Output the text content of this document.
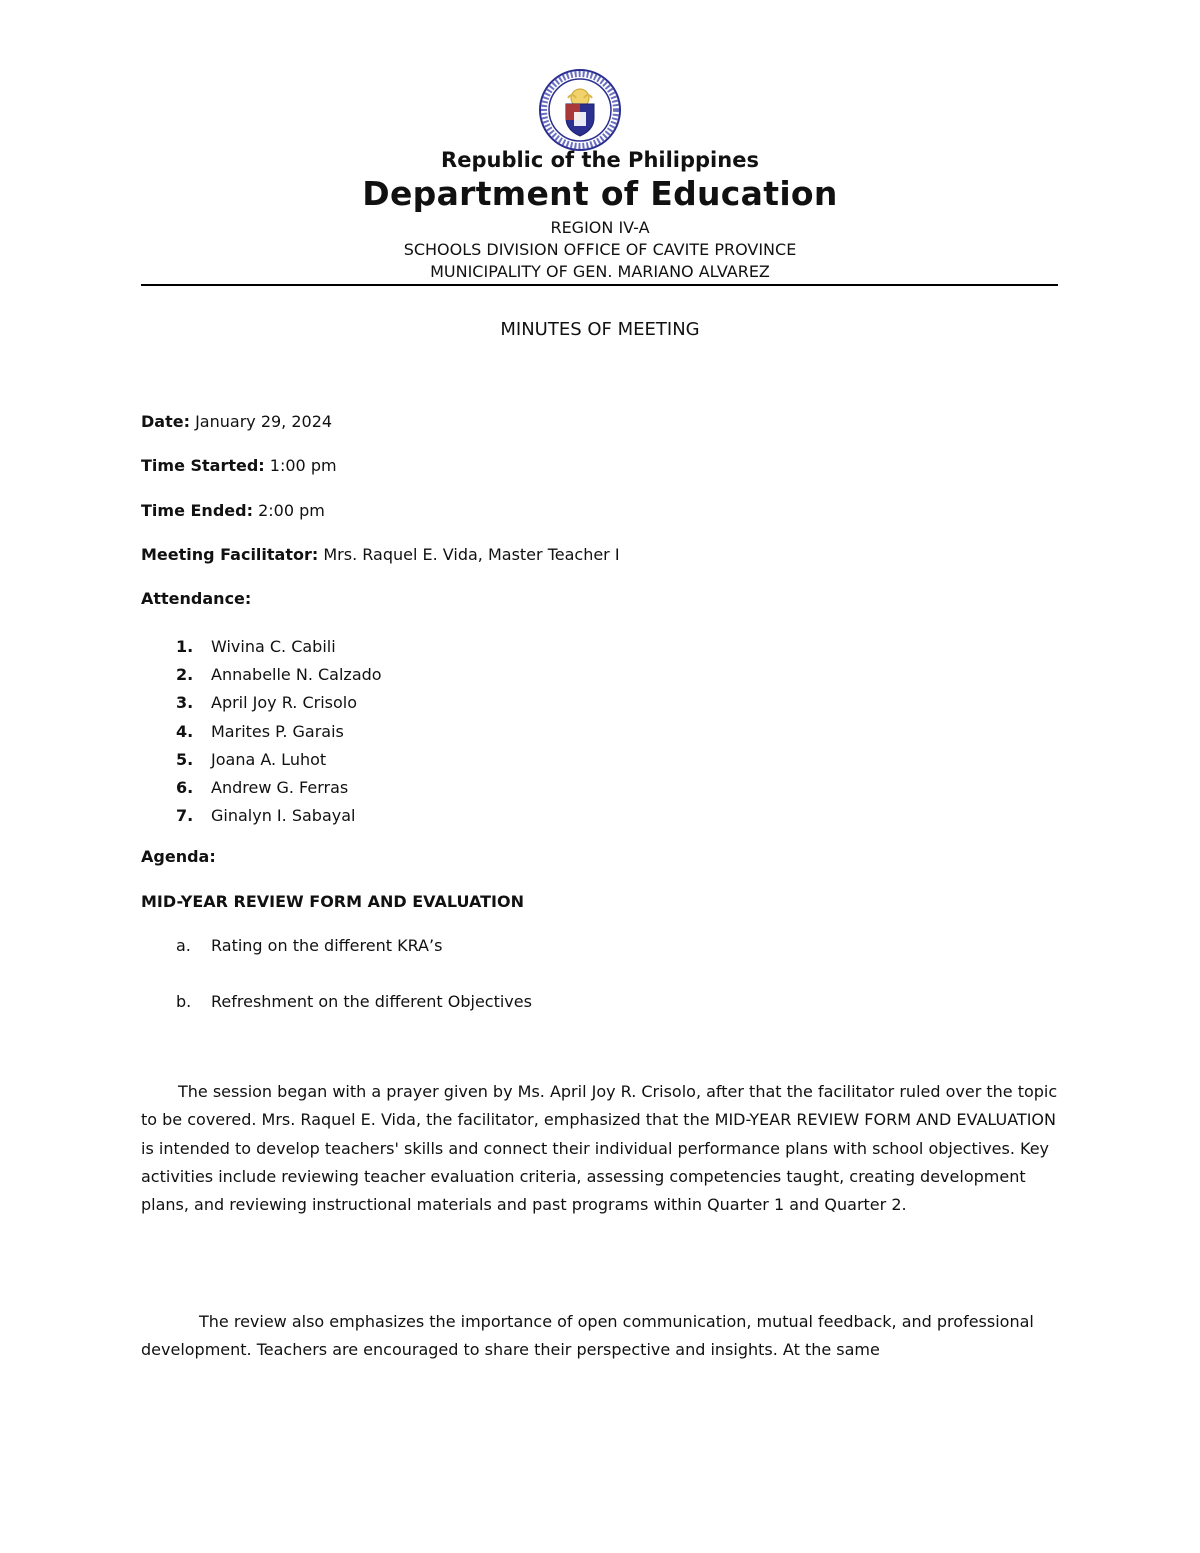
Republic of the Philippines
Department of Education
REGION IV-A
SCHOOLS DIVISION OFFICE OF CAVITE PROVINCE
MUNICIPALITY OF GEN. MARIANO ALVAREZ
MINUTES OF MEETING
Date: January 29, 2024
Time Started: 1:00 pm
Time Ended: 2:00 pm
Meeting Facilitator: Mrs. Raquel E. Vida, Master Teacher I
Attendance:
1.	Wivina C. Cabili
2.	Annabelle N. Calzado
3.	April Joy R. Crisolo
4.	Marites P. Garais
5.	Joana A. Luhot
6.	Andrew G. Ferras
7.	Ginalyn I. Sabayal
Agenda:
MID-YEAR REVIEW FORM AND EVALUATION
a. Rating on the different KRA’s
b. Refreshment on the different Objectives

The session began with a prayer given by Ms. April Joy R. Crisolo, after that the facilitator ruled over the topic to be covered. Mrs. Raquel E. Vida, the facilitator, emphasized that the MID-YEAR REVIEW FORM AND EVALUATION is intended to develop teachers' skills and connect their individual performance plans with school objectives. Key activities include reviewing teacher evaluation criteria, assessing competencies taught, creating development plans, and reviewing instructional materials and past programs within Quarter 1 and Quarter 2.

The review also emphasizes the importance of open communication, mutual feedback, and professional development. Teachers are encouraged to share their perspective and insights. At the same
